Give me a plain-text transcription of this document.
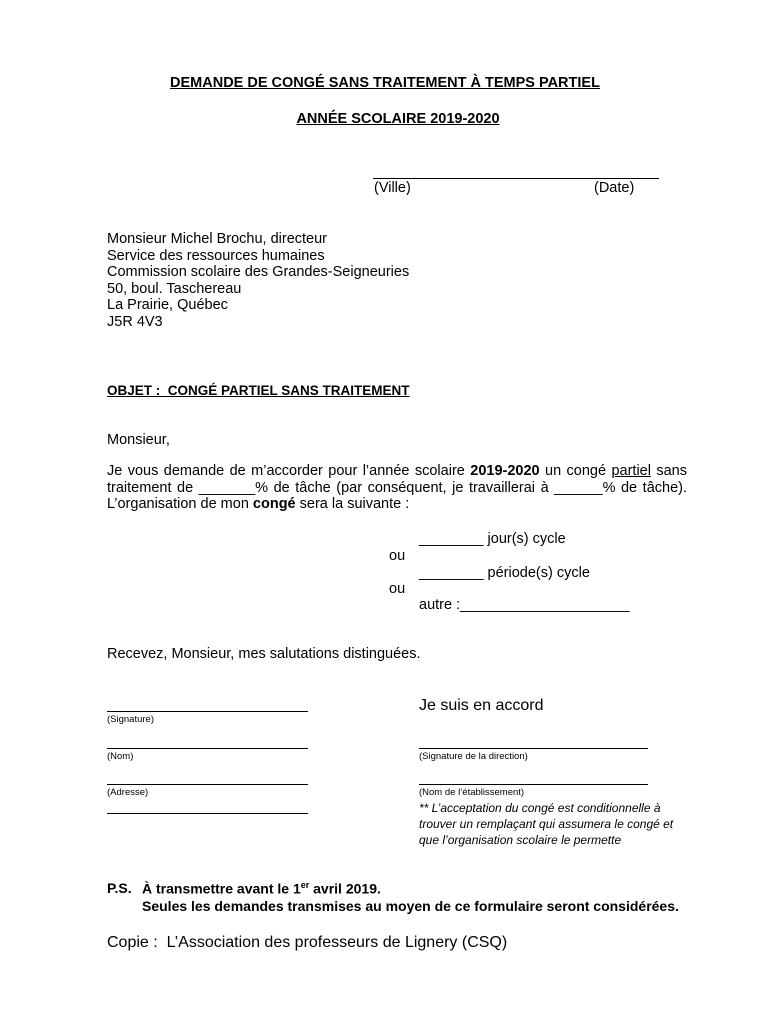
DEMANDE DE CONGÉ SANS TRAITEMENT À TEMPS PARTIEL
ANNÉE SCOLAIRE 2019-2020
(Ville)	(Date)
Monsieur Michel Brochu, directeur
Service des ressources humaines
Commission scolaire des Grandes-Seigneuries
50, boul. Taschereau
La Prairie, Québec
J5R 4V3
OBJET :  CONGÉ PARTIEL SANS TRAITEMENT
Monsieur,
Je vous demande de m’accorder pour l’année scolaire 2019-2020 un congé partiel sans
traitement de _______% de tâche (par conséquent, je travaillerai à ______% de tâche).
L’organisation de mon congé sera la suivante :
________ jour(s) cycle
ou
________ période(s) cycle
ou
autre :_____________________
Recevez, Monsieur, mes salutations distinguées.
(Signature)
(Nom)
(Adresse)
Je suis en accord
(Signature de la direction)
(Nom de l’établissement)
** L’acceptation du congé est conditionnelle à
trouver un remplaçant qui assumera le congé et
que l’organisation scolaire le permette
P.S. À transmettre avant le 1er avril 2019.
Seules les demandes transmises au moyen de ce formulaire seront considérées.
Copie :  L’Association des professeurs de Lignery (CSQ)
